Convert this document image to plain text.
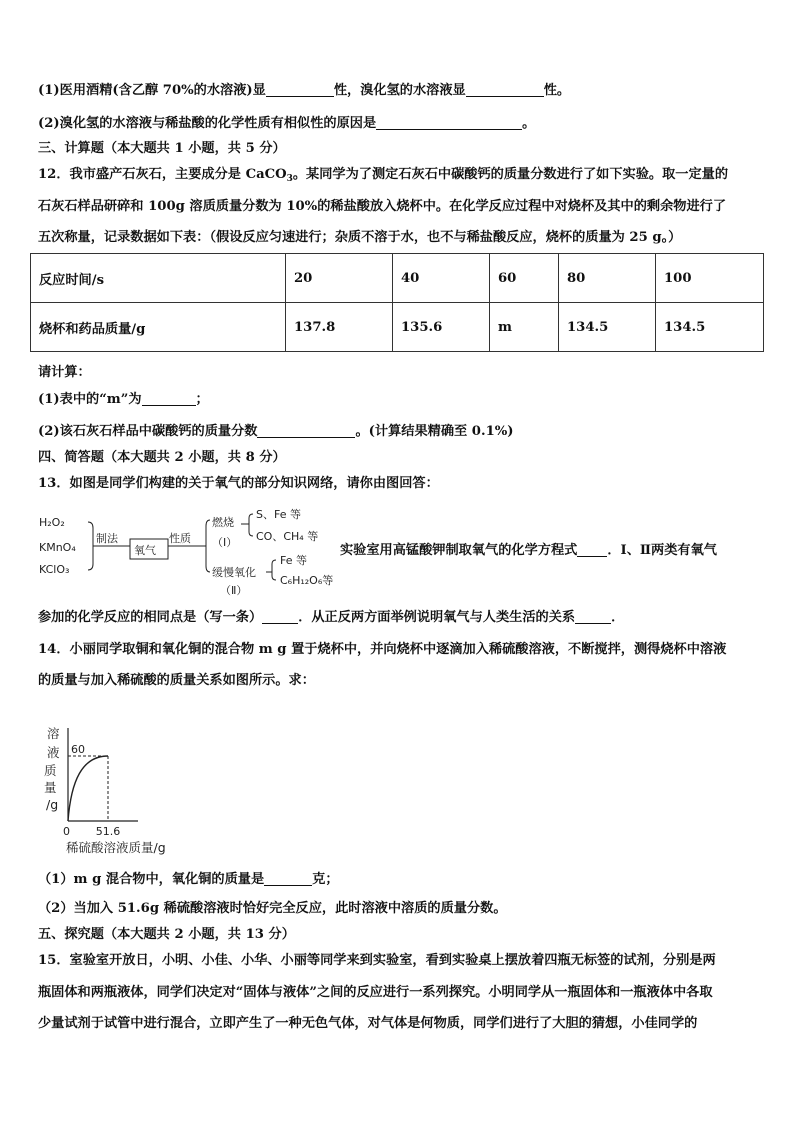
(1)医用酒精(含乙醇 70%的水溶液)显	性，溴化氢的水溶液显	性。
(2)溴化氢的水溶液与稀盐酸的化学性质有相似性的原因是	。
三、计算题（本大题共 1 小题，共 5 分）
12．我市盛产石灰石，主要成分是 CaCO$_3$。某同学为了测定石灰石中碳酸钙的质量分数进行了如下实验。取一定量的
石灰石样品研碎和 100g 溶质质量分数为 10%的稀盐酸放入烧杯中。在化学反应过程中对烧杯及其中的剩余物进行了
五次称量，记录数据如下表：（假设反应匀速进行；杂质不溶于水，也不与稀盐酸反应，烧杯的质量为 25 g。）
反应时间/s	20	40	60	80	100
烧杯和药品质量/g	137.8	135.6	m	134.5	134.5
请计算：
(1)表中的“m”为	；
(2)该石灰石样品中碳酸钙的质量分数	。(计算结果精确至 0.1%)
四、简答题（本大题共 2 小题，共 8 分）
13．如图是同学们构建的关于氧气的部分知识网络，请你由图回答：
H₂O₂
KMnO₄
KClO₃
制法	性质
氧气
燃烧
（Ⅰ）
S、Fe 等
CO、CH₄ 等
缓慢氧化
（Ⅱ）
Fe 等
C₆H₁₂O₆等
实验室用高锰酸钾制取氧气的化学方程式 ．Ⅰ、Ⅱ两类有氧气
参加的化学反应的相同点是（写一条）	．从正反两方面举例说明氧气与人类生活的关系	．
14．小丽同学取铜和氧化铜的混合物 m g 置于烧杯中，并向烧杯中逐滴加入稀硫酸溶液，不断搅拌，测得烧杯中溶液
的质量与加入稀硫酸的质量关系如图所示。求：
溶
液
质
量
/g
60
0 51.6
稀硫酸溶液质量/g
（1）m g 混合物中，氧化铜的质量是	克；
（2）当加入 51.6g 稀硫酸溶液时恰好完全反应，此时溶液中溶质的质量分数。
五、探究题（本大题共 2 小题，共 13 分）
15．室验室开放日，小明、小佳、小华、小丽等同学来到实验室，看到实验桌上摆放着四瓶无标签的试剂，分别是两
瓶固体和两瓶液体，同学们决定对“固体与液体”之间的反应进行一系列探究。小明同学从一瓶固体和一瓶液体中各取
少量试剂于试管中进行混合，立即产生了一种无色气体，对气体是何物质，同学们进行了大胆的猜想，小佳同学的
